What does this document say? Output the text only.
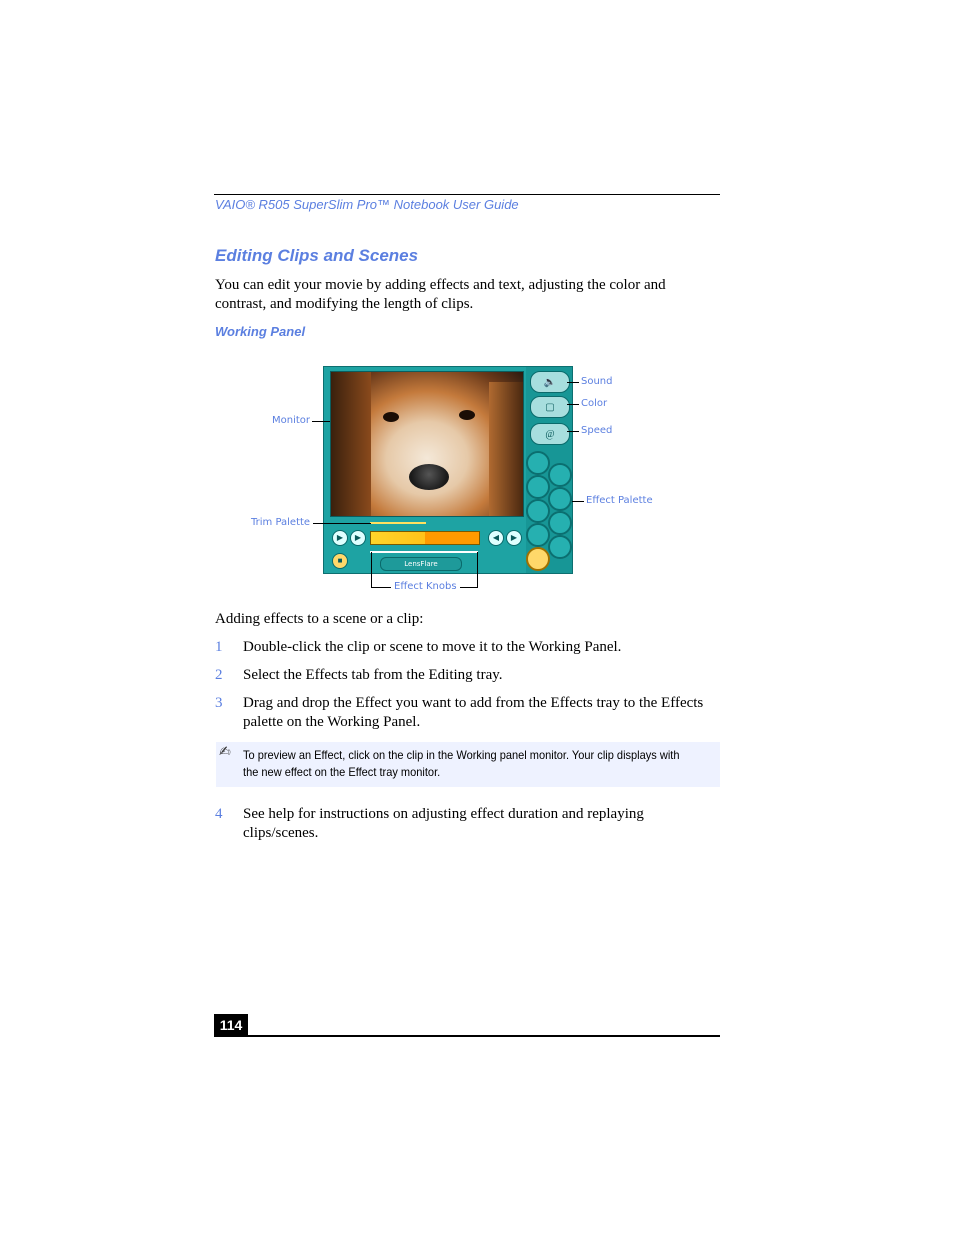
VAIO® R505 SuperSlim Pro™ Notebook User Guide
Editing Clips and Scenes
You can edit your movie by adding effects and text, adjusting the color and contrast, and modifying the length of clips.
Working Panel
🔈
▢
@
▶	▶	◀	▶
■	LensFlare
Sound
Color
Speed
Monitor
Effect Palette
Trim Palette
Effect Knobs
Adding effects to a scene or a clip:
1	Double-click the clip or scene to move it to the Working Panel.
2	Select the Effects tab from the Editing tray.
3	Drag and drop the Effect you want to add from the Effects tray to the Effects palette on the Working Panel.
✍ To preview an Effect, click on the clip in the Working panel monitor. Your clip displays with the new effect on the Effect tray monitor.
4	See help for instructions on adjusting effect duration and replaying clips/scenes.
114
